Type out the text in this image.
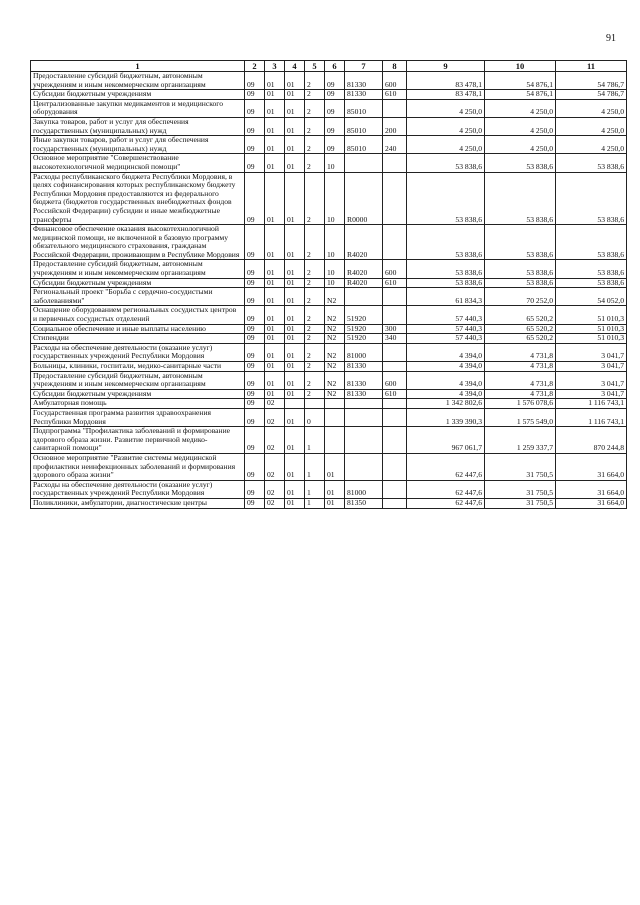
91
1	2	3	4	5	6	7	8	9	10	11
Предоставление субсидий бюджетным, автономным учреждениям и иным некоммерческим организациям	09	01	01	2	09	81330	600	83 478,1	54 876,1	54 786,7
Субсидии бюджетным учреждениям	09	01	01	2	09	81330	610	83 478,1	54 876,1	54 786,7
Централизованные закупки медикаментов и медицинского оборудования	09	01	01	2	09	85010		4 250,0	4 250,0	4 250,0
Закупка товаров, работ и услуг для обеспечения государственных (муниципальных) нужд	09	01	01	2	09	85010	200	4 250,0	4 250,0	4 250,0
Иные закупки товаров, работ и услуг для обеспечения государственных (муниципальных) нужд	09	01	01	2	09	85010	240	4 250,0	4 250,0	4 250,0
Основное мероприятие "Совершенствование высокотехнологичной медицинской помощи"	09	01	01	2	10			53 838,6	53 838,6	53 838,6
Расходы республиканского бюджета Республики Мордовия, в целях софинансирования которых республиканскому бюджету Республики Мордовия предоставляются из федерального бюджета (бюджетов государственных внебюджетных фондов Российской Федерации) субсидии и иные межбюджетные трансферты	09	01	01	2	10	R0000		53 838,6	53 838,6	53 838,6
Финансовое обеспечение оказания высокотехнологичной медицинской помощи, не включенной в базовую программу обязательного медицинского страхования, гражданам Российской Федерации, проживающим в Республике Мордовия	09	01	01	2	10	R4020		53 838,6	53 838,6	53 838,6
Предоставление субсидий бюджетным, автономным учреждениям и иным некоммерческим организациям	09	01	01	2	10	R4020	600	53 838,6	53 838,6	53 838,6
Субсидии бюджетным учреждениям	09	01	01	2	10	R4020	610	53 838,6	53 838,6	53 838,6
Региональный проект "Борьба с сердечно-сосудистыми заболеваниями"	09	01	01	2	N2			61 834,3	70 252,0	54 052,0
Оснащение оборудованием региональных сосудистых центров и первичных сосудистых отделений	09	01	01	2	N2	51920		57 440,3	65 520,2	51 010,3
Социальное обеспечение и иные выплаты населению	09	01	01	2	N2	51920	300	57 440,3	65 520,2	51 010,3
Стипендии	09	01	01	2	N2	51920	340	57 440,3	65 520,2	51 010,3
Расходы на обеспечение деятельности (оказание услуг) государственных учреждений Республики Мордовия	09	01	01	2	N2	81000		4 394,0	4 731,8	3 041,7
Больницы, клиники, госпитали, медико-санитарные части	09	01	01	2	N2	81330		4 394,0	4 731,8	3 041,7
Предоставление субсидий бюджетным, автономным учреждениям и иным некоммерческим организациям	09	01	01	2	N2	81330	600	4 394,0	4 731,8	3 041,7
Субсидии бюджетным учреждениям	09	01	01	2	N2	81330	610	4 394,0	4 731,8	3 041,7
Амбулаторная помощь	09	02						1 342 802,6	1 576 078,6	1 116 743,1
Государственная программа развития здравоохранения Республики Мордовия	09	02	01	0				1 339 390,3	1 575 549,0	1 116 743,1
Подпрограмма "Профилактика заболеваний и формирование здорового образа жизни. Развитие первичной медико-санитарной помощи"	09	02	01	1				967 061,7	1 259 337,7	870 244,8
Основное мероприятие "Развитие системы медицинской профилактики неинфекционных заболеваний и формирования здорового образа жизни"	09	02	01	1	01			62 447,6	31 750,5	31 664,0
Расходы на обеспечение деятельности (оказание услуг) государственных учреждений Республики Мордовия	09	02	01	1	01	81000		62 447,6	31 750,5	31 664,0
Поликлиники, амбулатории, диагностические центры	09	02	01	1	01	81350		62 447,6	31 750,5	31 664,0
